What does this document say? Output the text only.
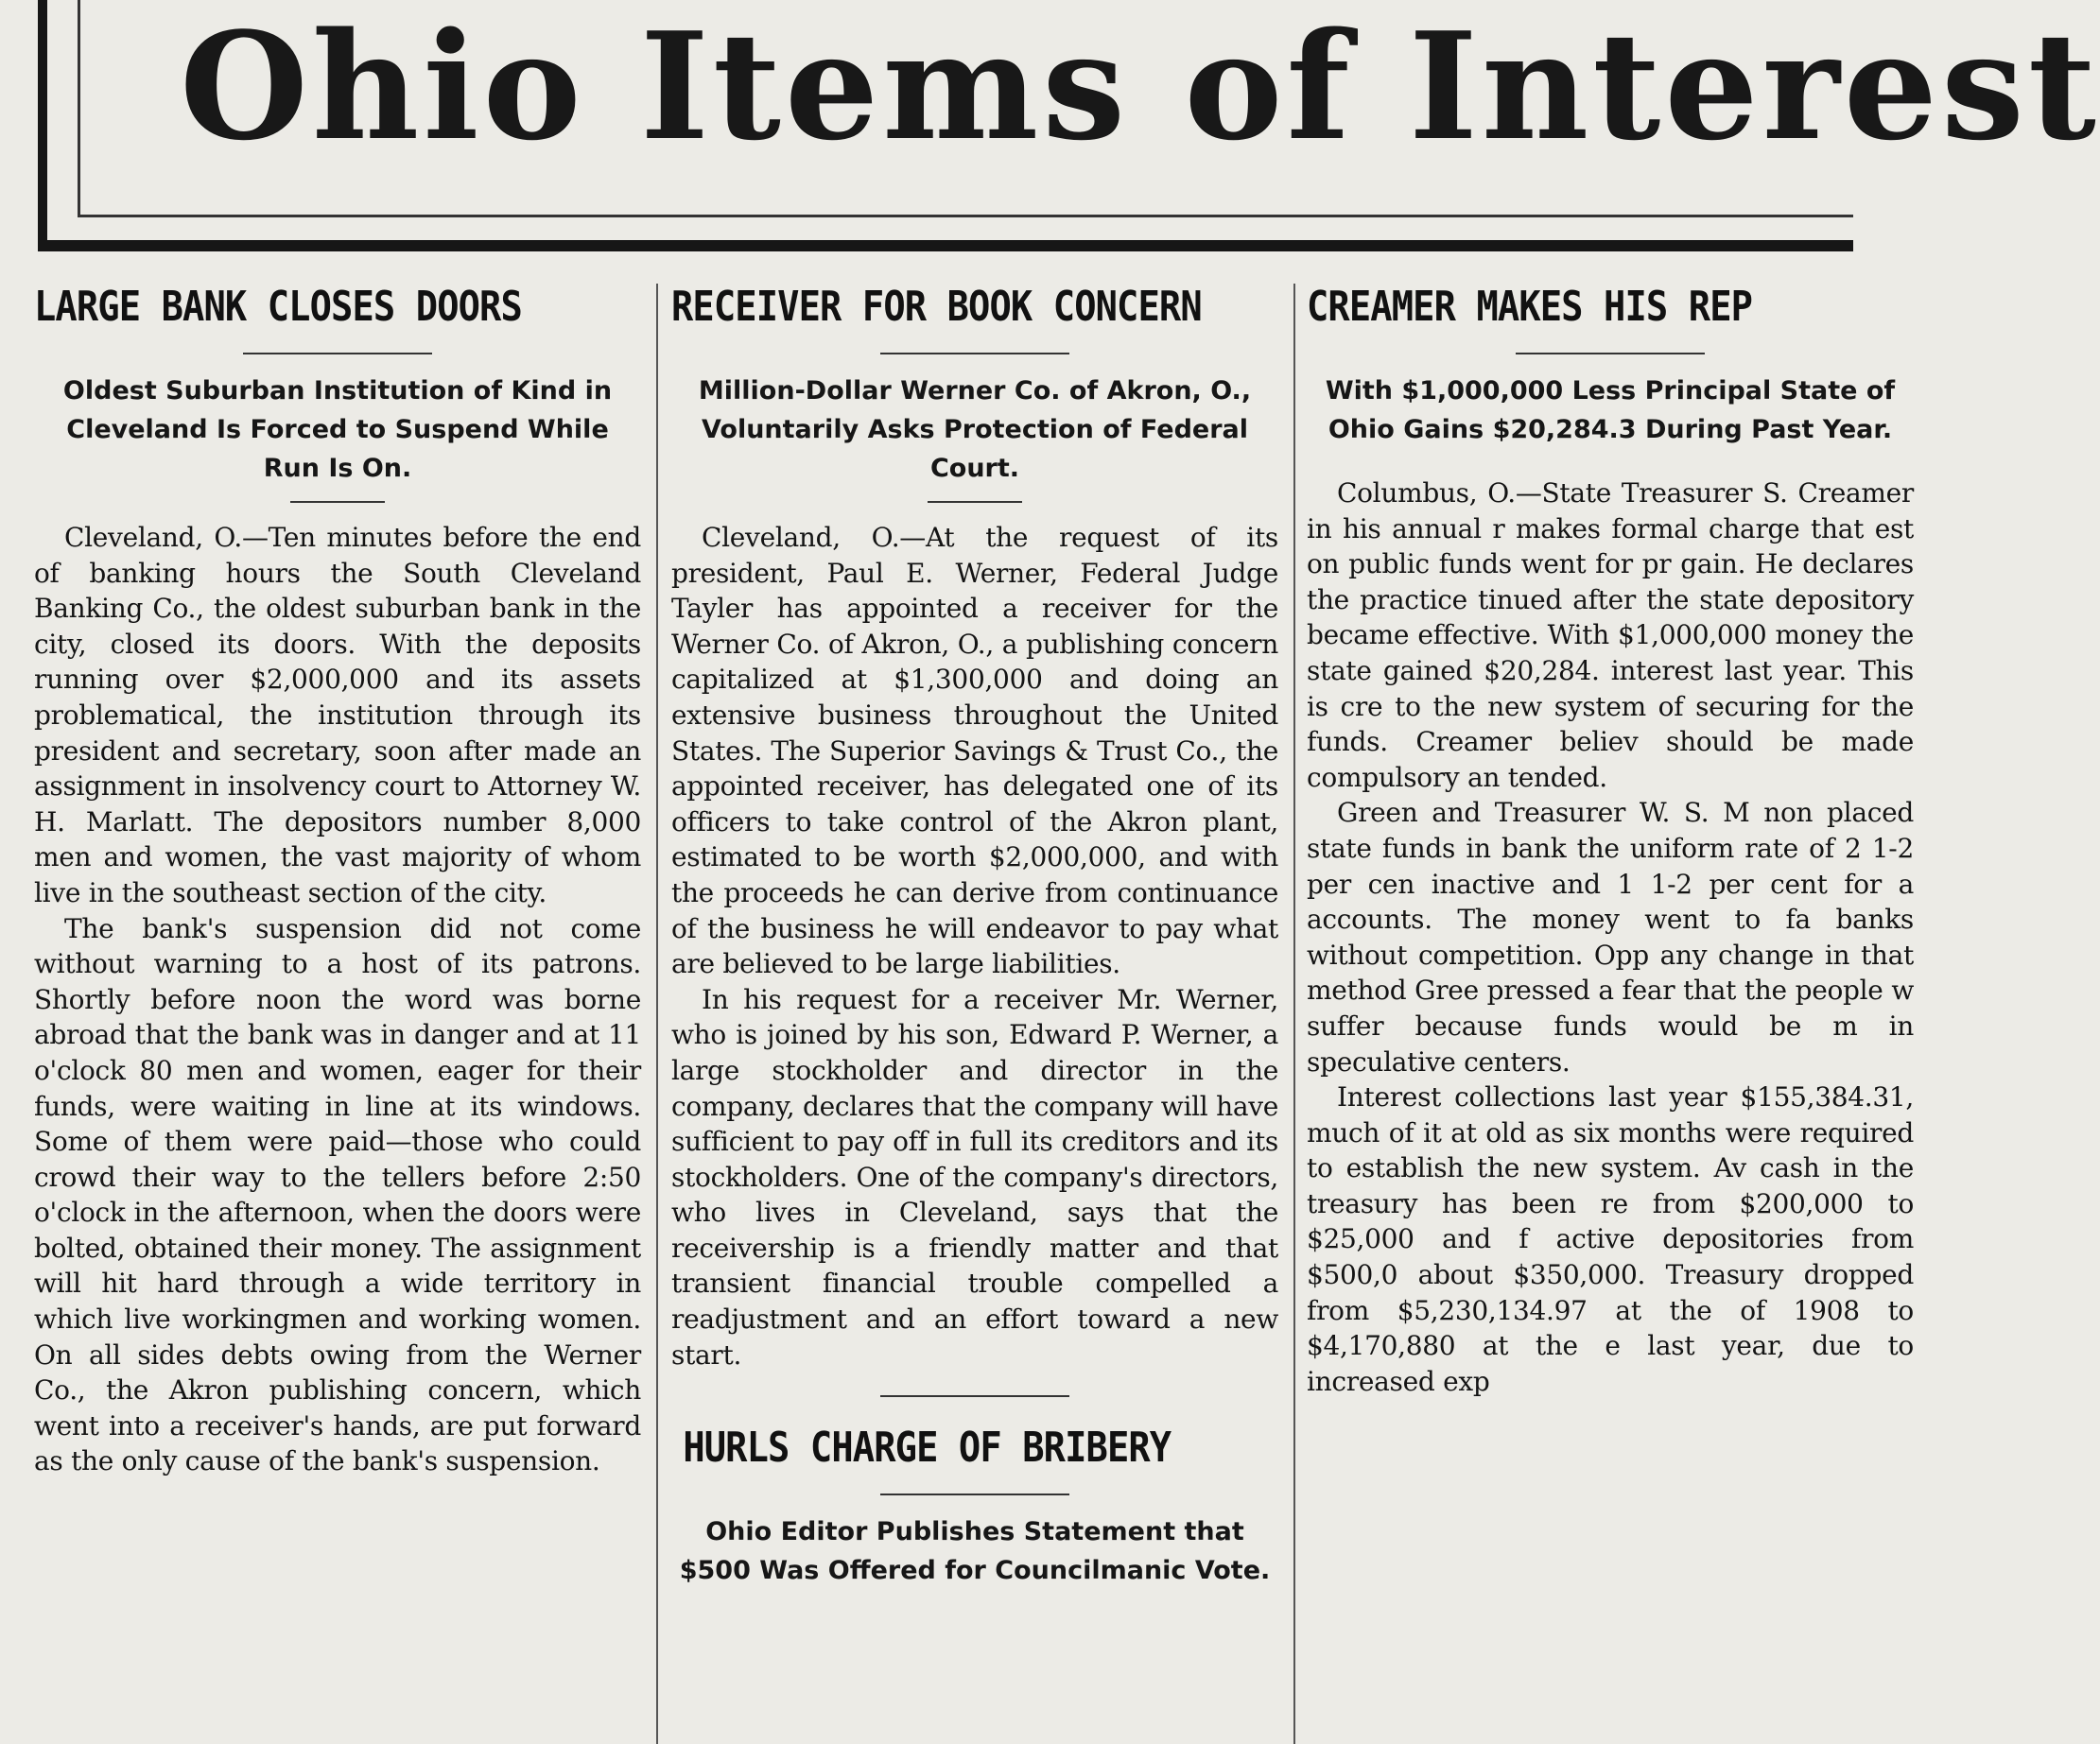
Ohio Items of Interest
LARGE BANK CLOSES DOORS
Oldest Suburban Institution of Kind in Cleveland Is Forced to Suspend While Run Is On.

Cleveland, O.—Ten minutes before the end of banking hours the South Cleveland Banking Co., the oldest suburban bank in the city, closed its doors. With the deposits running over $2,000,000 and its assets problematical, the institution through its president and secretary, soon after made an assignment in insolvency court to Attorney W. H. Marlatt. The depositors number 8,000 men and women, the vast majority of whom live in the southeast section of the city.

The bank's suspension did not come without warning to a host of its patrons. Shortly before noon the word was borne abroad that the bank was in danger and at 11 o'clock 80 men and women, eager for their funds, were waiting in line at its windows. Some of them were paid—those who could crowd their way to the tellers before 2:50 o'clock in the afternoon, when the doors were bolted, obtained their money. The assignment will hit hard through a wide territory in which live workingmen and working women. On all sides debts owing from the Werner Co., the Akron publishing concern, which went into a receiver's hands, are put forward as the only cause of the bank's suspension.

RECEIVER FOR BOOK CONCERN
Million-Dollar Werner Co. of Akron, O., Voluntarily Asks Protection of Federal Court.

Cleveland, O.—At the request of its president, Paul E. Werner, Federal Judge Tayler has appointed a receiver for the Werner Co. of Akron, O., a publishing concern capitalized at $1,300,000 and doing an extensive business throughout the United States. The Superior Savings & Trust Co., the appointed receiver, has delegated one of its officers to take control of the Akron plant, estimated to be worth $2,000,000, and with the proceeds he can derive from continuance of the business he will endeavor to pay what are believed to be large liabilities.

In his request for a receiver Mr. Werner, who is joined by his son, Edward P. Werner, a large stockholder and director in the company, declares that the company will have sufficient to pay off in full its creditors and its stockholders. One of the company's directors, who lives in Cleveland, says that the receivership is a friendly matter and that transient financial trouble compelled a readjustment and an effort toward a new start.

HURLS CHARGE OF BRIBERY
Ohio Editor Publishes Statement that $500 Was Offered for Councilmanic Vote.
CREAMER MAKES HIS REP
With $1,000,000 Less Principal State of Ohio Gains $20,284.3 During Past Year.

Columbus, O.—State Treasurer S. Creamer in his annual r makes formal charge that est on public funds went for pr gain. He declares the practice tinued after the state depository became effective. With $1,000,000 money the state gained $20,284. interest last year. This is cre to the new system of securing for the funds. Creamer believ should be made compulsory an tended.

Green and Treasurer W. S. M non placed state funds in bank the uniform rate of 2 1-2 per cen inactive and 1 1-2 per cent for a accounts. The money went to fa banks without competition. Opp any change in that method Gree pressed a fear that the people w suffer because funds would be m in speculative centers.

Interest collections last year $155,384.31, much of it at old as six months were required to establish the new system. Av cash in the treasury has been re from $200,000 to $25,000 and f active depositories from $500,0 about $350,000. Treasury dropped from $5,230,134.97 at the of 1908 to $4,170,880 at the e last year, due to increased exp
